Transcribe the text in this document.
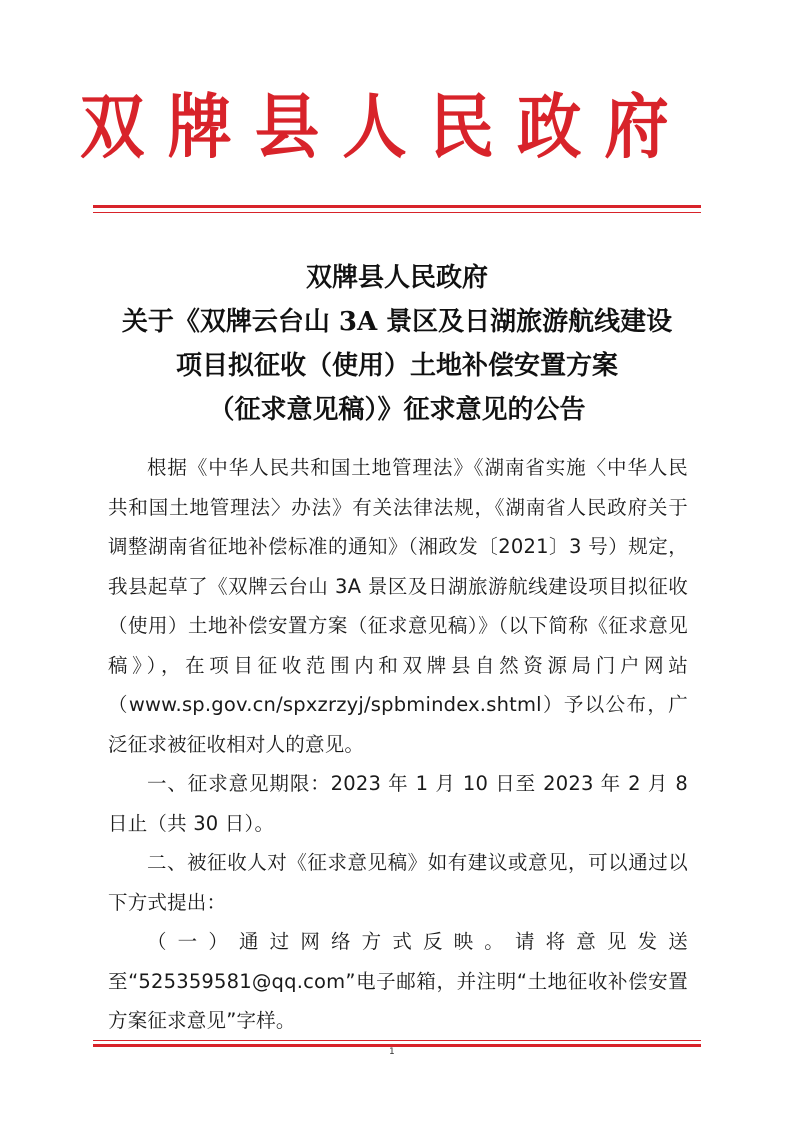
双 牌 县 人 民 政 府
双牌县人民政府
关于《双牌云台山 3A 景区及日湖旅游航线建设
项目拟征收（使用）土地补偿安置方案
（征求意见稿）》征求意见的公告

根据《中华人民共和国土地管理法》《湖南省实施〈中华人民共和国土地管理法〉办法》有关法律法规，《湖南省人民政府关于调整湖南省征地补偿标准的通知》（湘政发〔2021〕3 号）规定，我县起草了《双牌云台山 3A 景区及日湖旅游航线建设项目拟征收（使用）土地补偿安置方案（征求意见稿）》（以下简称《征求意见稿》），在项目征收范围内和双牌县自然资源局门户网站（www.sp.gov.cn/spxzrzyj/spbmindex.shtml）予以公布，广泛征求被征收相对人的意见。

一、征求意见期限：2023 年 1 月 10 日至 2023 年 2 月 8 日止（共 30 日）。

二、被征收人对《征求意见稿》如有建议或意见，可以通过以下方式提出：

（一）通过网络方式反映。请将意见发送至“525359581@qq.com”电子邮箱，并注明“土地征收补偿安置方案征求意见”字样。

1
